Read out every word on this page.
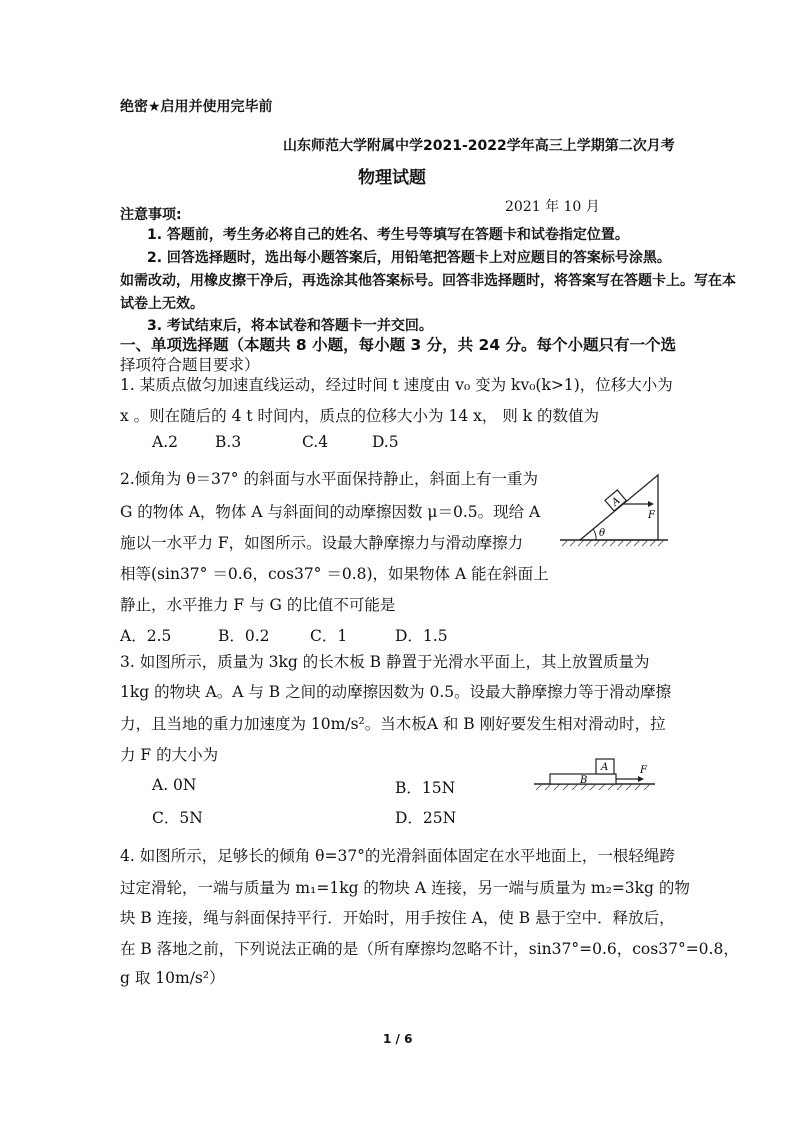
绝密★启用并使用完毕前
山东师范大学附属中学2021-2022学年高三上学期第二次月考
物理试题
2021 年 10 月
注意事项:
1. 答题前，考生务必将自己的姓名、考生号等填写在答题卡和试卷指定位置。
2. 回答选择题时，选出每小题答案后，用铅笔把答题卡上对应题目的答案标号涂黑。
如需改动，用橡皮擦干净后，再选涂其他答案标号。回答非选择题时，将答案写在答题卡上。写在本
试卷上无效。
3. 考试结束后，将本试卷和答题卡一并交回。
一、单项选择题（本题共 8 小题，每小题 3 分，共 24 分。每个小题只有一个选
择项符合题目要求）
1. 某质点做匀加速直线运动，经过时间 t 速度由 v₀ 变为 kv₀(k>1)，位移大小为
x 。则在随后的 4 t 时间内，质点的位移大小为 14 x， 则 k 的数值为
A.2 B.3	C.4	D.5
2.倾角为 θ＝37° 的斜面与水平面保持静止，斜面上有一重为
G 的物体 A，物体 A 与斜面间的动摩擦因数 μ＝0.5。现给 A
施以一水平力 F，如图所示。设最大静摩擦力与滑动摩擦力
相等(sin37° ＝0.6，cos37° ＝0.8)，如果物体 A 能在斜面上
静止，水平推力 F 与 G 的比值不可能是
A
F
θ
A．2.5	B．0.2	C．1	D．1.5
3. 如图所示，质量为 3kg 的长木板 B 静置于光滑水平面上，其上放置质量为
1kg 的物块 A。A 与 B 之间的动摩擦因数为 0.5。设最大静摩擦力等于滑动摩擦
力，且当地的重力加速度为 10m/s²。当木板A 和 B 刚好要发生相对滑动时，拉
力 F 的大小为
A. 0N	B．15N
C．5N	D．25N
B
A	F
4. 如图所示，足够长的倾角 θ=37°的光滑斜面体固定在水平地面上，一根轻绳跨
过定滑轮，一端与质量为 m₁=1kg 的物块 A 连接，另一端与质量为 m₂=3kg 的物
块 B 连接，绳与斜面保持平行．开始时，用手按住 A，使 B 悬于空中．释放后，
在 B 落地之前，下列说法正确的是（所有摩擦均忽略不计，sin37°=0.6，cos37°=0.8，
g 取 10m/s²）
1 / 6
